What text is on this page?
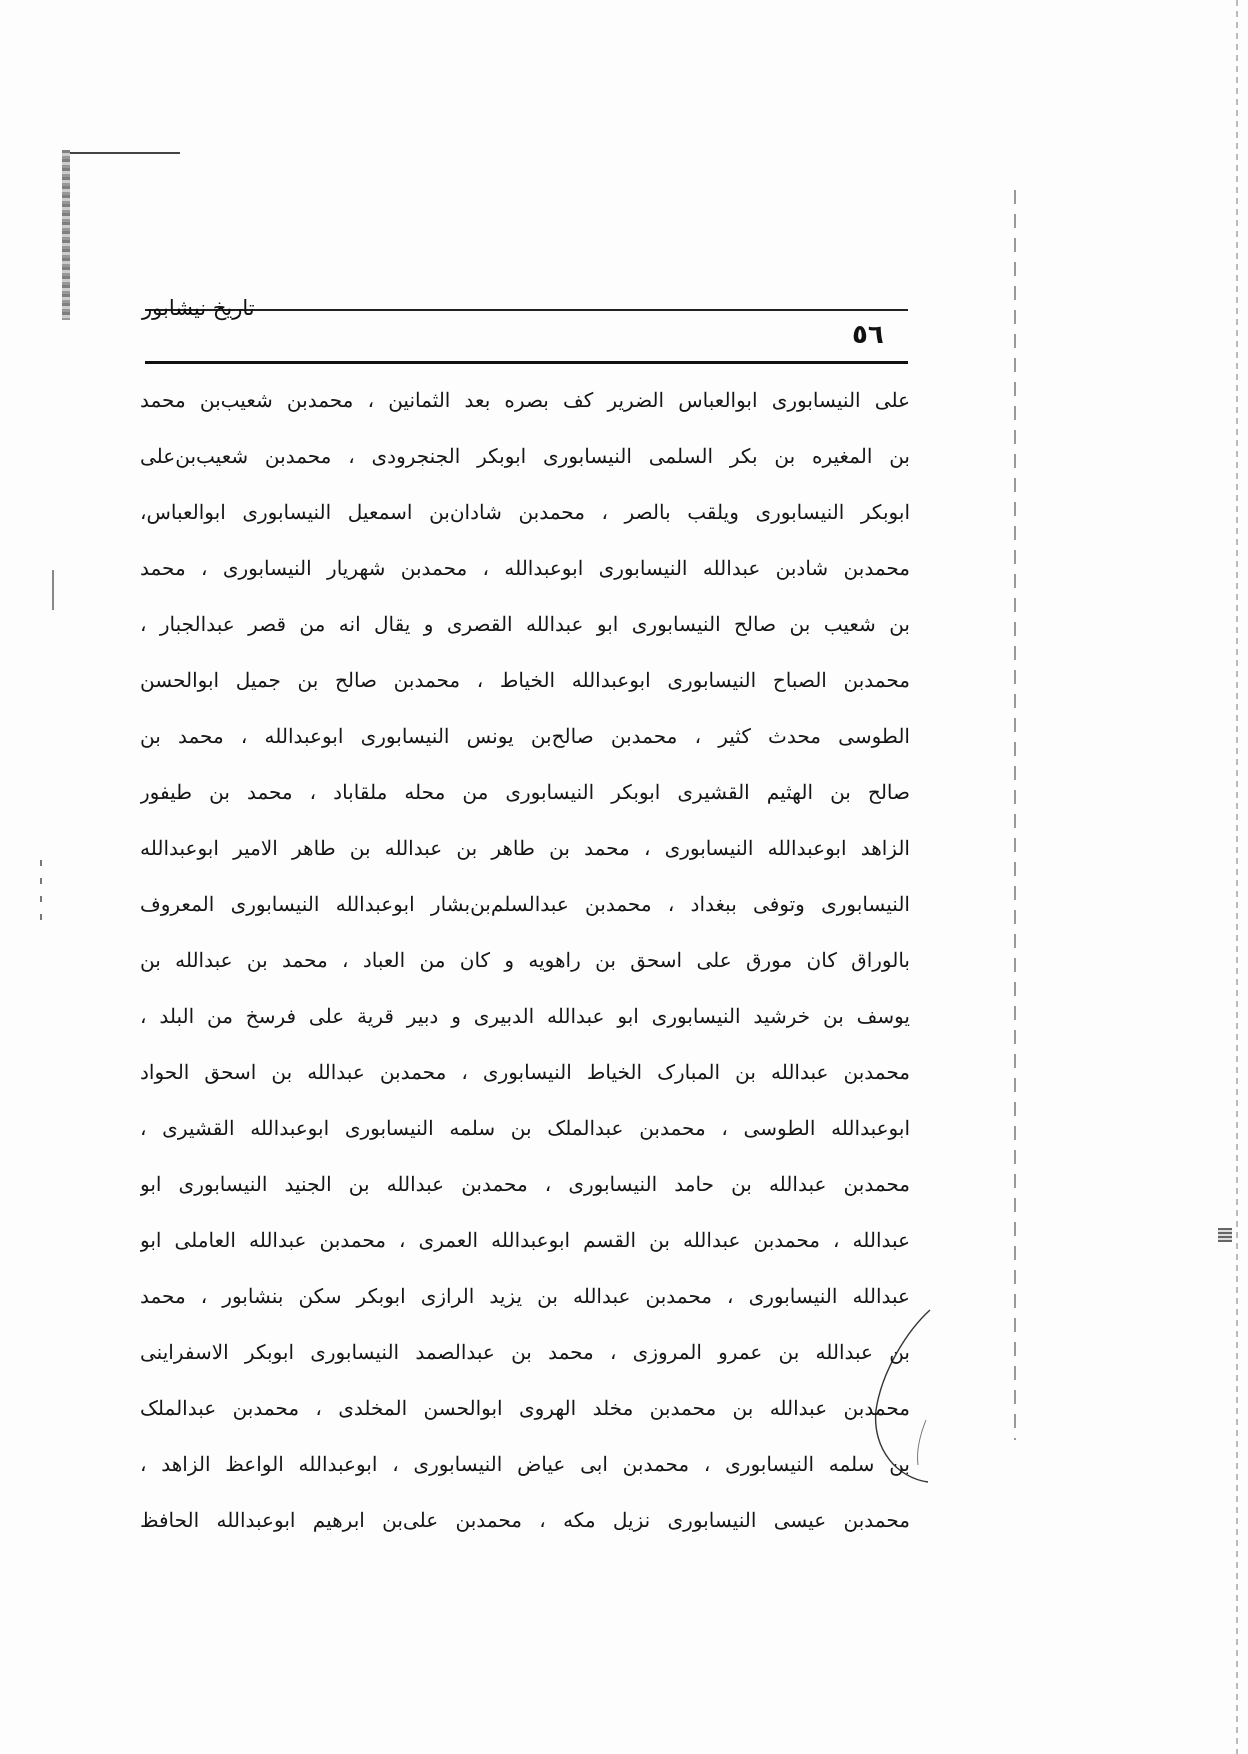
تاریخ نیشابور
٥٦
علی النیسابوری ابوالعباس الضریر کف بصره بعد الثمانین ، محمدبن شعیب‌بن محمد
بن المغیره بن بکر السلمی النیسابوری ابوبکر الجنجرودی ، محمدبن شعیب‌بن‌علی
ابوبکر النیسابوری ویلقب بالصر ، محمدبن شادان‌بن اسمعیل النیسابوری ابوالعباس،
محمدبن شادبن عبدالله النیسابوری ابوعبدالله ، محمدبن شهریار النیسابوری ، محمد
بن شعیب بن صالح النیسابوری ابو عبدالله القصری و یقال انه من قصر عبدالجبار ،
محمدبن الصباح النیسابوری ابوعبدالله الخیاط ، محمدبن صالح بن جمیل ابوالحسن
الطوسی محدث کثیر ، محمدبن صالح‌بن یونس النیسابوری ابوعبدالله ، محمد بن
صالح بن الهثیم القشیری ابوبکر النیسابوری من محله ملقاباد ، محمد بن طیفور
الزاهد ابوعبدالله النیسابوری ، محمد بن طاهر بن عبدالله بن طاهر الامیر ابوعبدالله
النیسابوری وتوفی ببغداد ، محمدبن عبدالسلم‌بن‌بشار ابوعبدالله النیسابوری المعروف
بالوراق کان مورق علی اسحق بن راهویه و کان من العباد ، محمد بن عبدالله بن
یوسف بن خرشید النیسابوری ابو عبدالله الدبیری و دبیر قریة علی فرسخ من البلد ،
محمدبن عبدالله بن المبارک الخیاط النیسابوری ، محمدبن عبدالله بن اسحق الحواد
ابوعبدالله الطوسی ، محمدبن عبدالملک بن سلمه النیسابوری ابوعبدالله القشیری ،
محمدبن عبدالله بن حامد النیسابوری ، محمدبن عبدالله بن الجنید النیسابوری ابو
عبدالله ، محمدبن عبدالله بن القسم ابوعبدالله العمری ، محمدبن عبدالله العاملی ابو
عبدالله النیسابوری ، محمدبن عبدالله بن یزید الرازی ابوبکر سکن بنشابور ، محمد
بن عبدالله بن عمرو المروزی ، محمد بن عبدالصمد النیسابوری ابوبکر الاسفراینی
محمدبن عبدالله بن محمدبن مخلد الهروی ابوالحسن المخلدی ، محمدبن عبدالملک
بن سلمه النیسابوری ، محمدبن ابی عیاض النیسابوری ، ابوعبدالله الواعظ الزاهد ،
محمدبن عیسی النیسابوری نزیل مکه ، محمدبن علی‌بن ابرهیم ابوعبدالله الحافظ
